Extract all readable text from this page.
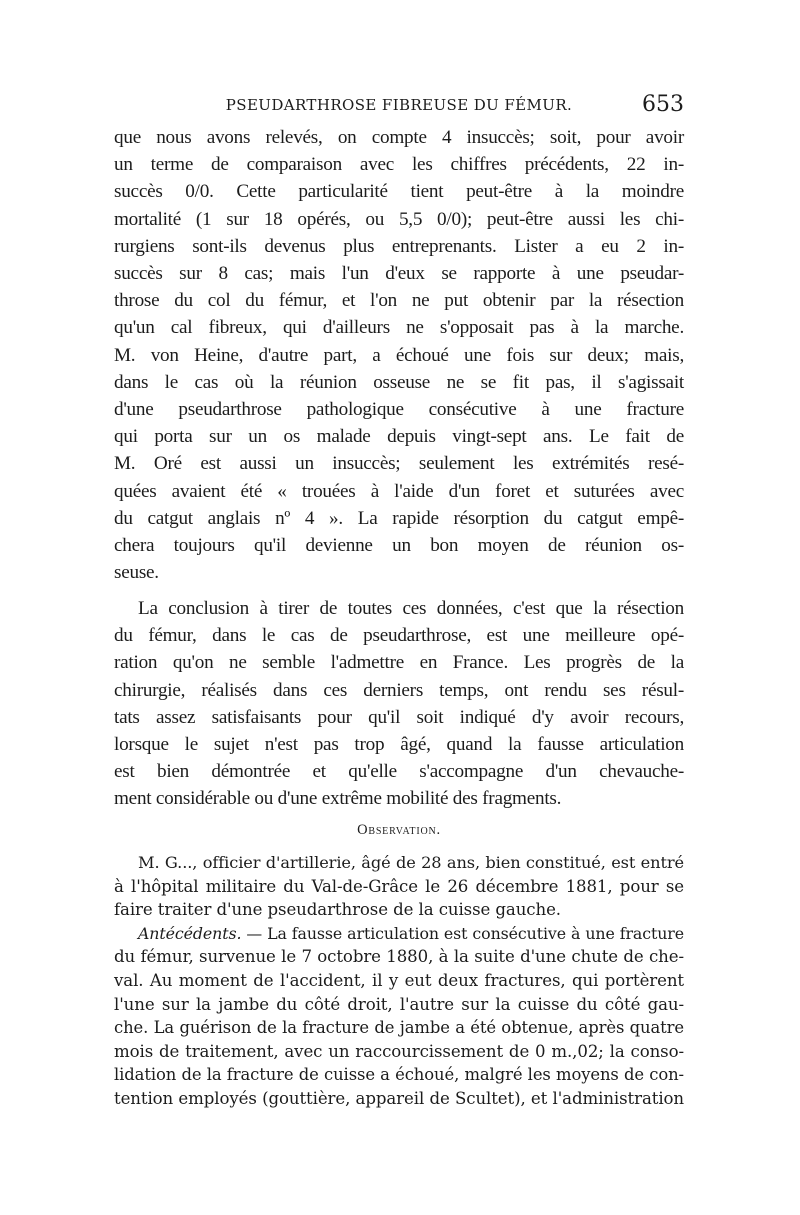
PSEUDARTHROSE FIBREUSE DU FÉMUR.	653
que nous avons relevés, on compte 4 insuccès; soit, pour avoir
un terme de comparaison avec les chiffres précédents, 22 in-
succès 0/0. Cette particularité tient peut-être à la moindre
mortalité (1 sur 18 opérés, ou 5,5 0/0); peut-être aussi les chi-
rurgiens sont-ils devenus plus entreprenants. Lister a eu 2 in-
succès sur 8 cas; mais l'un d'eux se rapporte à une pseudar-
throse du col du fémur, et l'on ne put obtenir par la résection
qu'un cal fibreux, qui d'ailleurs ne s'opposait pas à la marche.
M. von Heine, d'autre part, a échoué une fois sur deux; mais,
dans le cas où la réunion osseuse ne se fit pas, il s'agissait
d'une pseudarthrose pathologique consécutive à une fracture
qui porta sur un os malade depuis vingt-sept ans. Le fait de
M. Oré est aussi un insuccès; seulement les extrémités resé-
quées avaient été « trouées à l'aide d'un foret et suturées avec
du catgut anglais nº 4 ». La rapide résorption du catgut empê-
chera toujours qu'il devienne un bon moyen de réunion os-
seuse.
La conclusion à tirer de toutes ces données, c'est que la résection
du fémur, dans le cas de pseudarthrose, est une meilleure opé-
ration qu'on ne semble l'admettre en France. Les progrès de la
chirurgie, réalisés dans ces derniers temps, ont rendu ses résul-
tats assez satisfaisants pour qu'il soit indiqué d'y avoir recours,
lorsque le sujet n'est pas trop âgé, quand la fausse articulation
est bien démontrée et qu'elle s'accompagne d'un chevauche-
ment considérable ou d'une extrême mobilité des fragments.
Observation.
M. G..., officier d'artillerie, âgé de 28 ans, bien constitué, est entré
à l'hôpital militaire du Val-de-Grâce le 26 décembre 1881, pour se
faire traiter d'une pseudarthrose de la cuisse gauche.
Antécédents. — La fausse articulation est consécutive à une fracture
du fémur, survenue le 7 octobre 1880, à la suite d'une chute de che-
val. Au moment de l'accident, il y eut deux fractures, qui portèrent
l'une sur la jambe du côté droit, l'autre sur la cuisse du côté gau-
che. La guérison de la fracture de jambe a été obtenue, après quatre
mois de traitement, avec un raccourcissement de 0 m.,02; la conso-
lidation de la fracture de cuisse a échoué, malgré les moyens de con-
tention employés (gouttière, appareil de Scultet), et l'administration
